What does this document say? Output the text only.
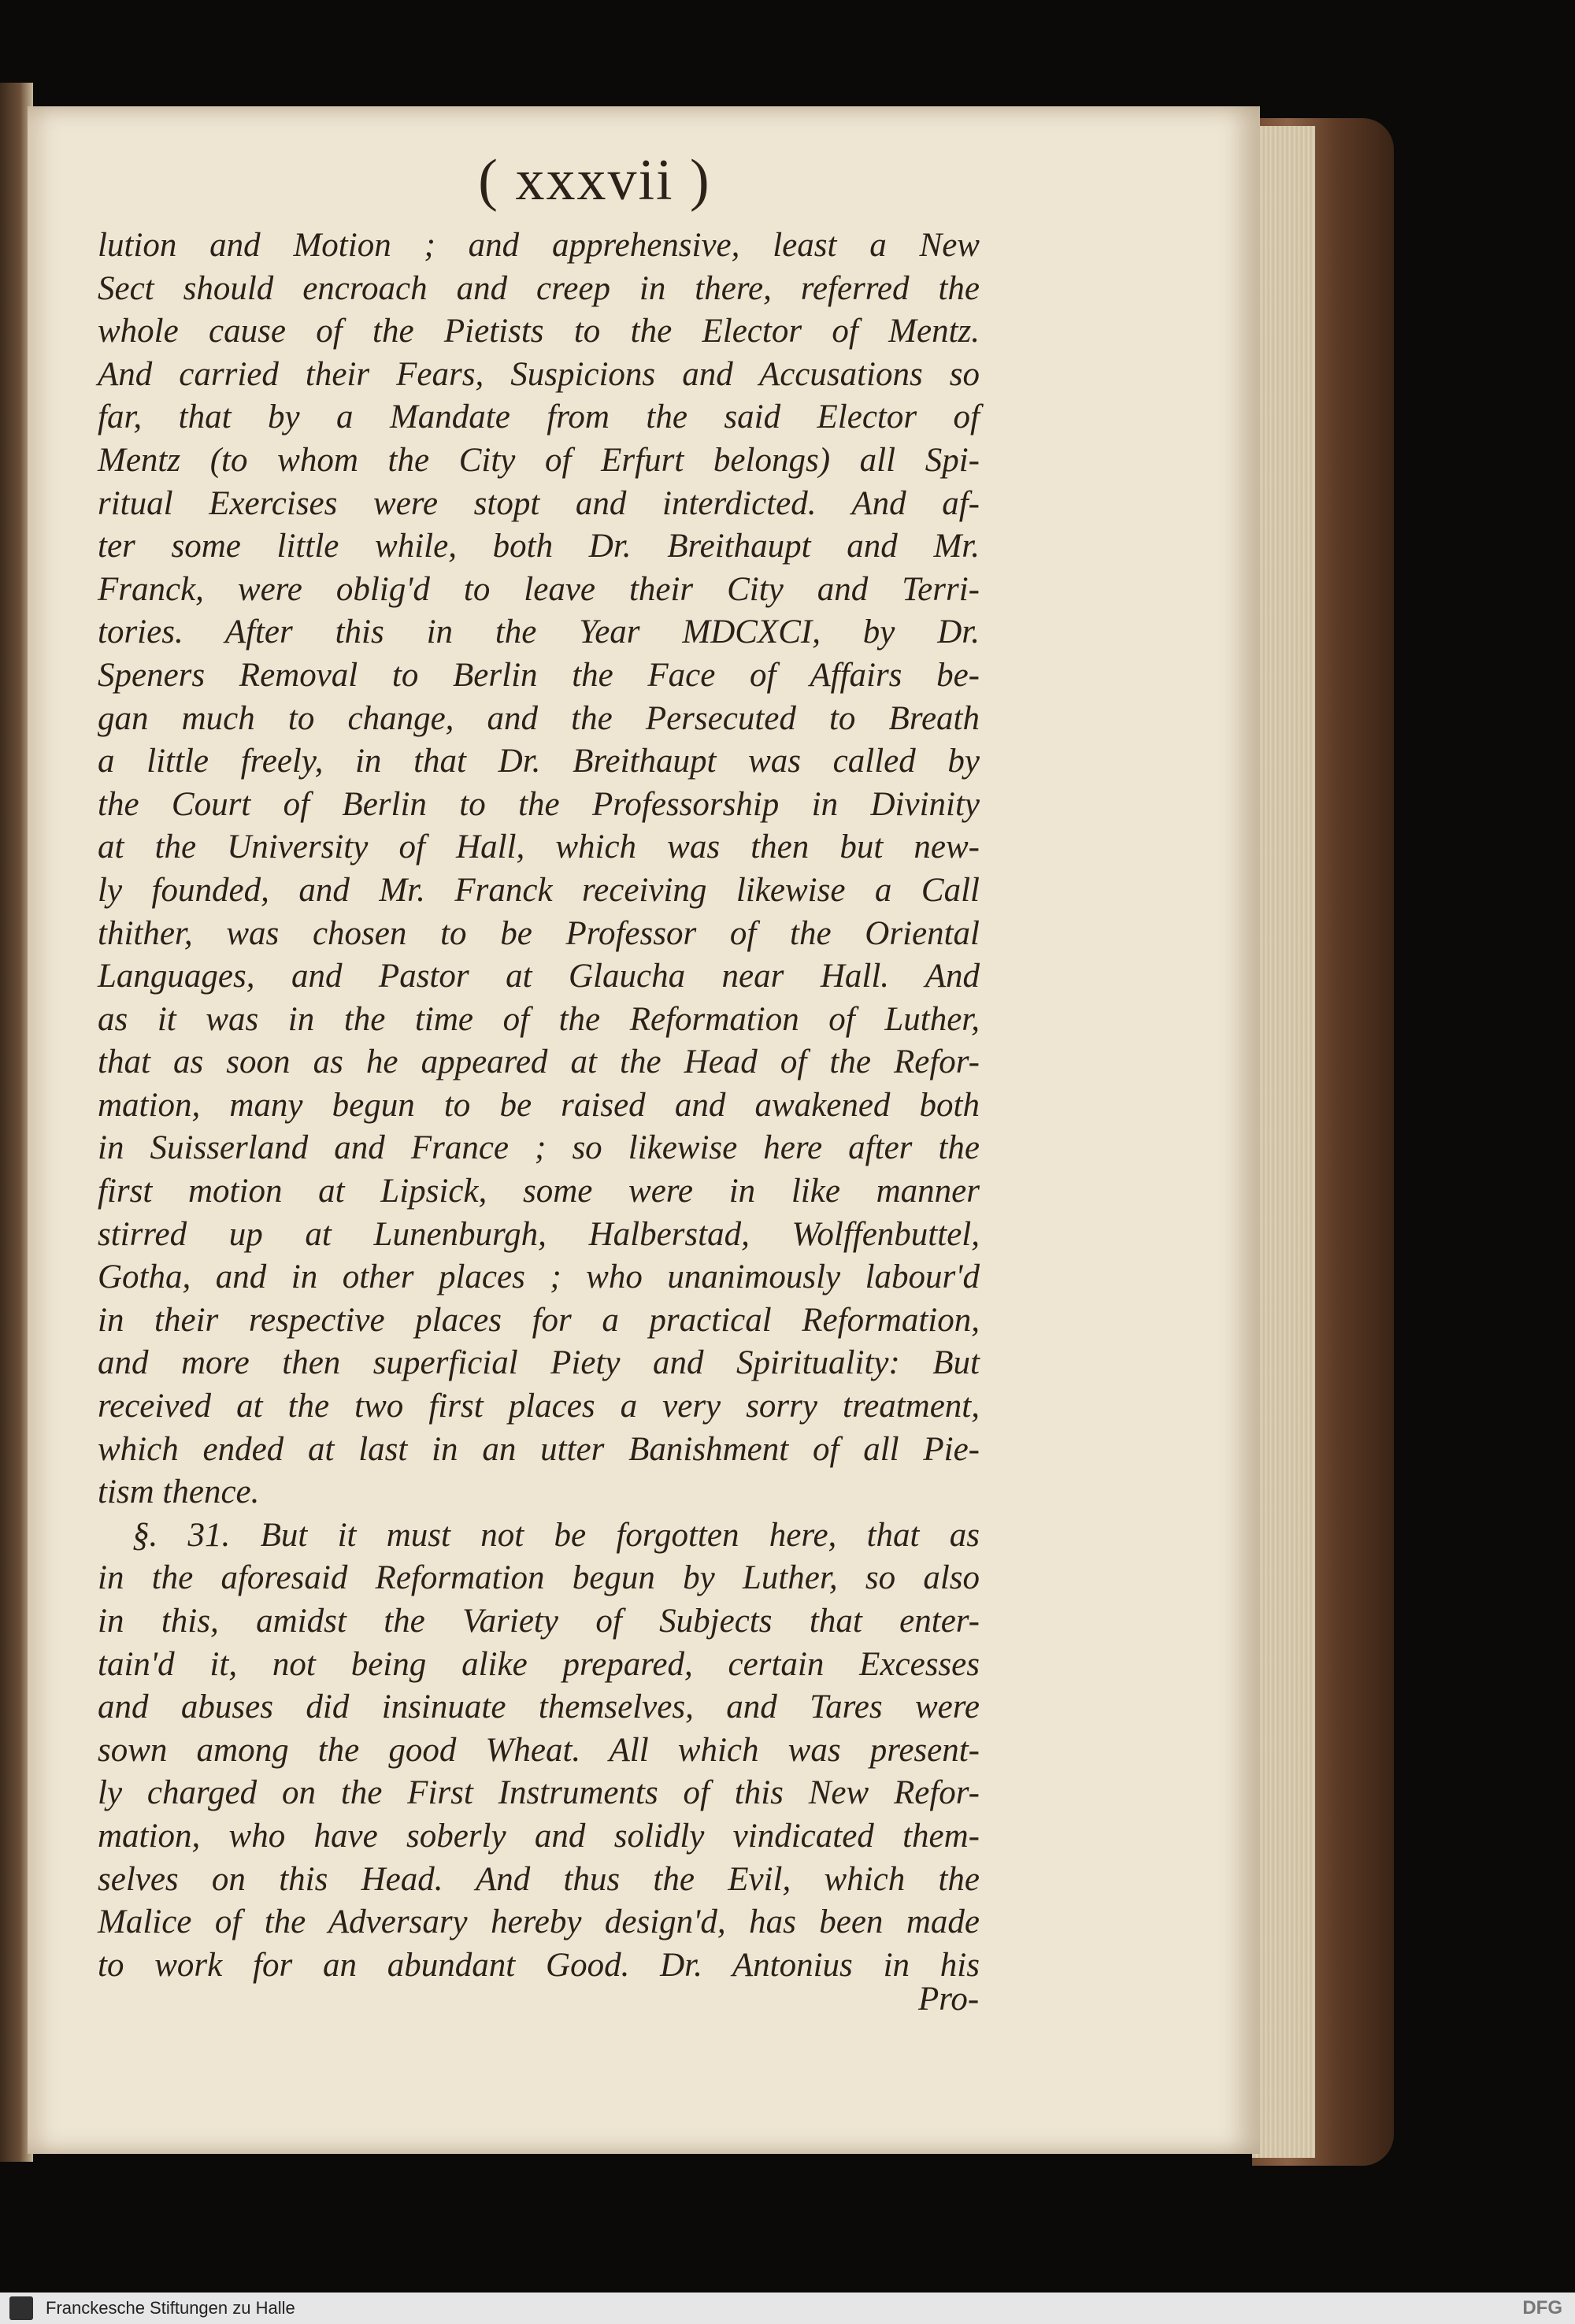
( xxxvii )
lution and Motion ; and apprehensive, least a New
Sect should encroach and creep in there, referred the
whole cause of the Pietists to the Elector of Mentz.
And carried their Fears, Suspicions and Accusations so
far, that by a Mandate from the said Elector of
Mentz (to whom the City of Erfurt belongs) all Spi-
ritual Exercises were stopt and interdicted. And af-
ter some little while, both Dr. Breithaupt and Mr.
Franck, were oblig'd to leave their City and Terri-
tories. After this in the Year MDCXCI, by Dr.
Speners Removal to Berlin the Face of Affairs be-
gan much to change, and the Persecuted to Breath
a little freely, in that Dr. Breithaupt was called by
the Court of Berlin to the Professorship in Divinity
at the University of Hall, which was then but new-
ly founded, and Mr. Franck receiving likewise a Call
thither, was chosen to be Professor of the Oriental
Languages, and Pastor at Glaucha near Hall. And
as it was in the time of the Reformation of Luther,
that as soon as he appeared at the Head of the Refor-
mation, many begun to be raised and awakened both
in Suisserland and France ; so likewise here after the
first motion at Lipsick, some were in like manner
stirred up at Lunenburgh, Halberstad, Wolffenbuttel,
Gotha, and in other places ; who unanimously labour'd
in their respective places for a practical Reformation,
and more then superficial Piety and Spirituality: But
received at the two first places a very sorry treatment,
which ended at last in an utter Banishment of all Pie-
tism thence.
§. 31. But it must not be forgotten here, that as
in the aforesaid Reformation begun by Luther, so also
in this, amidst the Variety of Subjects that enter-
tain'd it, not being alike prepared, certain Excesses
and abuses did insinuate themselves, and Tares were
sown among the good Wheat. All which was present-
ly charged on the First Instruments of this New Refor-
mation, who have soberly and solidly vindicated them-
selves on this Head. And thus the Evil, which the
Malice of the Adversary hereby design'd, has been made
to work for an abundant Good. Dr. Antonius in his
Pro-
Franckesche Stiftungen zu Halle	DFG
